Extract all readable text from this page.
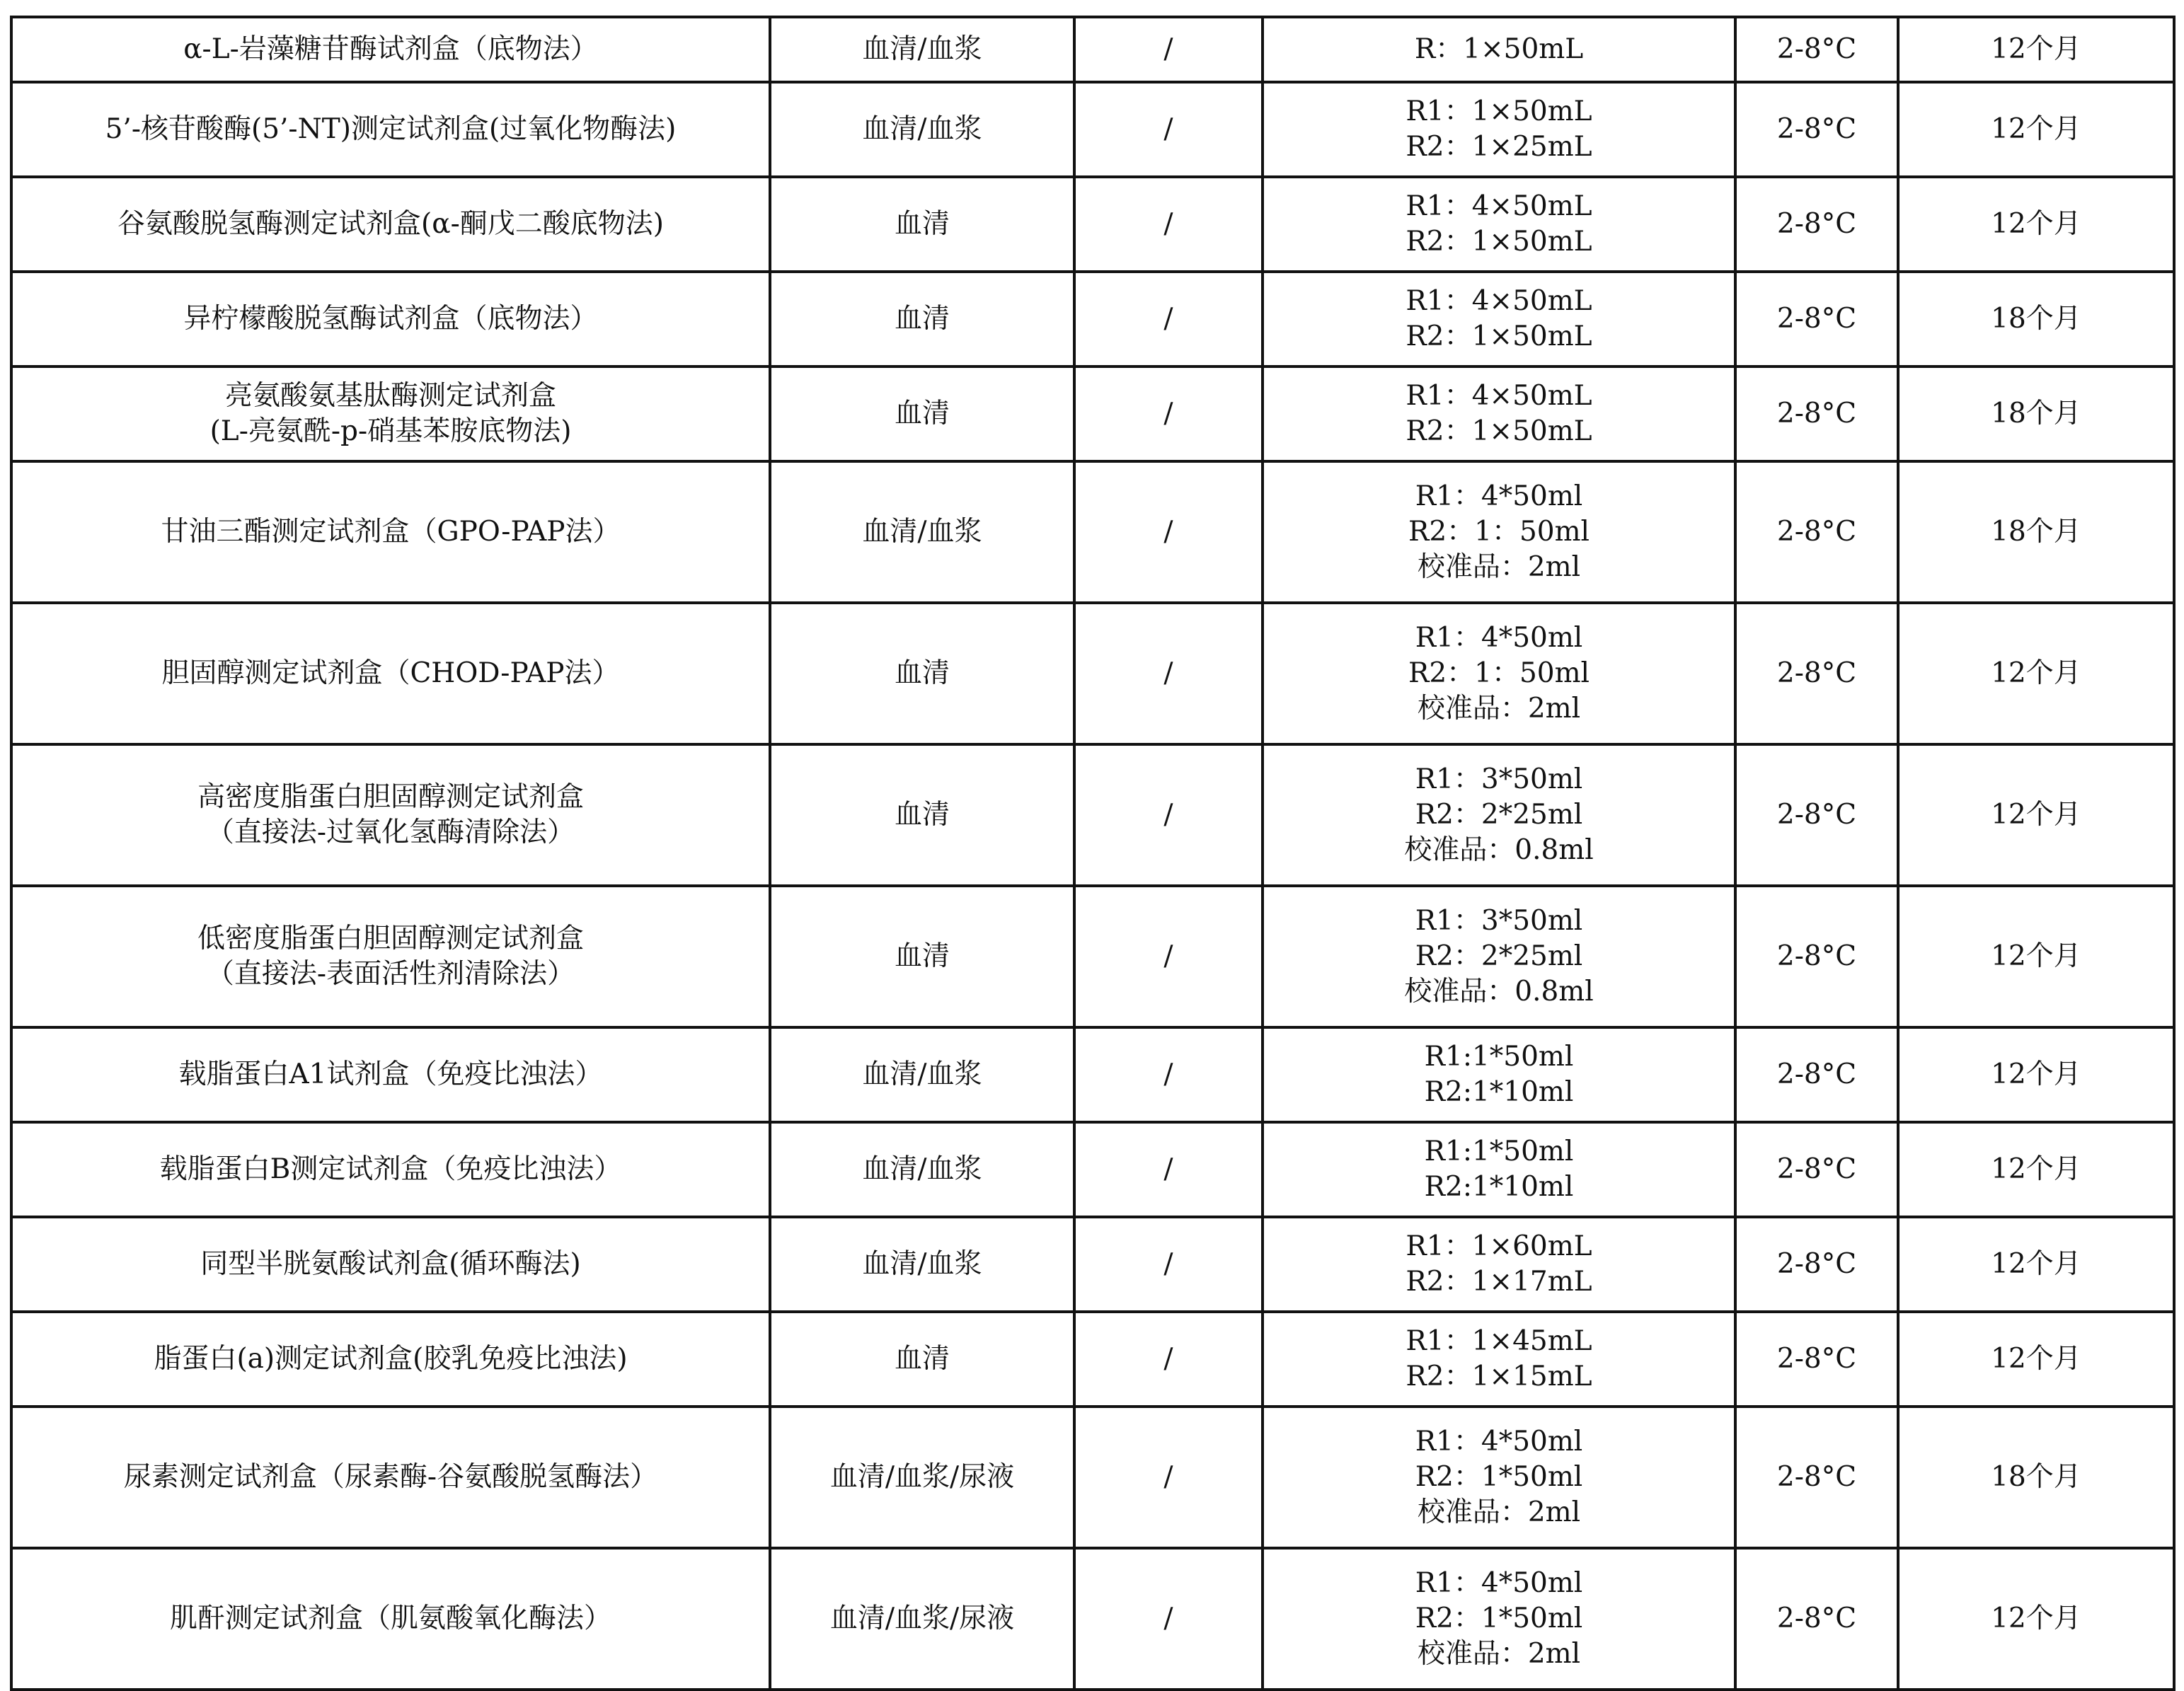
α-L-岩藻糖苷酶试剂盒（底物法）	血清/血浆	/	R：1×50mL	2-8°C	12个月

5’-核苷酸酶(5’-NT)测定试剂盒(过氧化物酶法)	血清/血浆	/	R1：1×50mL
R2：1×25mL	2-8°C	12个月

谷氨酸脱氢酶测定试剂盒(α-酮戊二酸底物法)	血清	/	R1：4×50mL
R2：1×50mL	2-8°C	12个月

异柠檬酸脱氢酶试剂盒（底物法）	血清	/	R1：4×50mL
R2：1×50mL	2-8°C	18个月

亮氨酸氨基肽酶测定试剂盒
(L-亮氨酰-p-硝基苯胺底物法)	血清	/	R1：4×50mL
R2：1×50mL	2-8°C	18个月

甘油三酯测定试剂盒（GPO-PAP法）	血清/血浆	/	R1：4*50ml
R2：1：50ml
校准品：2ml	2-8°C	18个月

胆固醇测定试剂盒（CHOD-PAP法）	血清	/	R1：4*50ml
R2：1：50ml
校准品：2ml	2-8°C	12个月

高密度脂蛋白胆固醇测定试剂盒
（直接法-过氧化氢酶清除法）	血清	/	R1：3*50ml
R2：2*25ml
校准品：0.8ml	2-8°C	12个月

低密度脂蛋白胆固醇测定试剂盒
（直接法-表面活性剂清除法）	血清	/	R1：3*50ml
R2：2*25ml
校准品：0.8ml	2-8°C	12个月

载脂蛋白A1试剂盒（免疫比浊法）	血清/血浆	/	R1:1*50ml
R2:1*10ml	2-8°C	12个月

载脂蛋白B测定试剂盒（免疫比浊法）	血清/血浆	/	R1:1*50ml
R2:1*10ml	2-8°C	12个月

同型半胱氨酸试剂盒(循环酶法)	血清/血浆	/	R1：1×60mL
R2：1×17mL	2-8°C	12个月

脂蛋白(a)测定试剂盒(胶乳免疫比浊法)	血清	/	R1：1×45mL
R2：1×15mL	2-8°C	12个月

尿素测定试剂盒（尿素酶-谷氨酸脱氢酶法）	血清/血浆/尿液	/	R1：4*50ml
R2：1*50ml
校准品：2ml	2-8°C	18个月

肌酐测定试剂盒（肌氨酸氧化酶法）	血清/血浆/尿液	/	R1：4*50ml
R2：1*50ml
校准品：2ml	2-8°C	12个月
